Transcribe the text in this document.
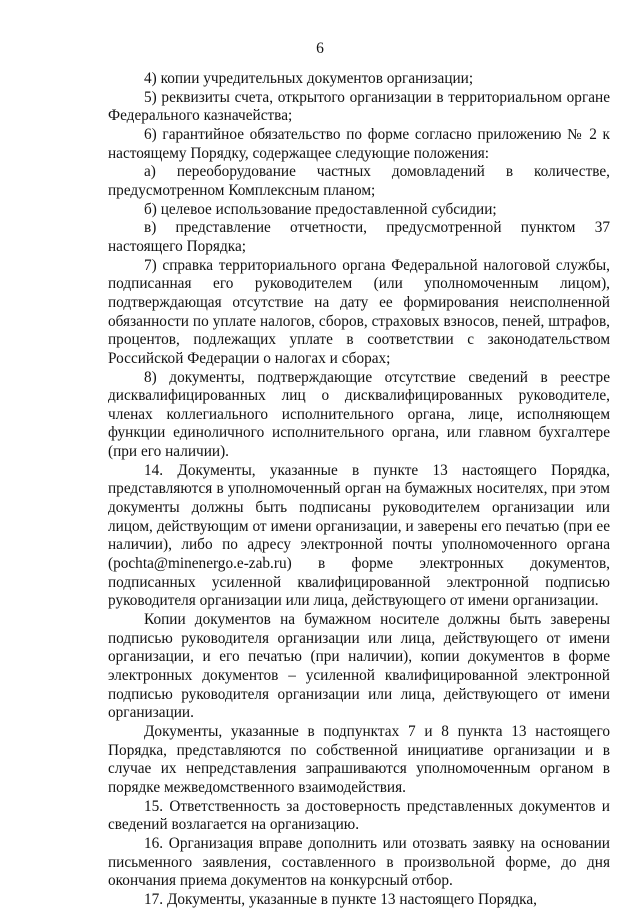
6

4) копии учредительных документов организации;

5) реквизиты счета, открытого организации в территориальном органе Федерального казначейства;

6) гарантийное обязательство по форме согласно приложению № 2 к настоящему Порядку, содержащее следующие положения:

а) переоборудование частных домовладений в количестве, предусмотренном Комплексным планом;

б) целевое использование предоставленной субсидии;

в) представление отчетности, предусмотренной пунктом 37 настоящего Порядка;

7) справка территориального органа Федеральной налоговой службы, подписанная его руководителем (или уполномоченным лицом), подтверждающая отсутствие на дату ее формирования неисполненной обязанности по уплате налогов, сборов, страховых взносов, пеней, штрафов, процентов, подлежащих уплате в соответствии с законодательством Российской Федерации о налогах и сборах;

8) документы, подтверждающие отсутствие сведений в реестре дисквалифицированных лиц о дисквалифицированных руководителе, членах коллегиального исполнительного органа, лице, исполняющем функции единоличного исполнительного органа, или главном бухгалтере (при его наличии).

14. Документы, указанные в пункте 13 настоящего Порядка, представляются в уполномоченный орган на бумажных носителях, при этом документы должны быть подписаны руководителем организации или лицом, действующим от имени организации, и заверены его печатью (при ее наличии), либо по адресу электронной почты уполномоченного органа (pochta@minenergo.e-zab.ru) в форме электронных документов, подписанных усиленной квалифицированной электронной подписью руководителя организации или лица, действующего от имени организации.

Копии документов на бумажном носителе должны быть заверены подписью руководителя организации или лица, действующего от имени организации, и его печатью (при наличии), копии документов в форме электронных документов – усиленной квалифицированной электронной подписью руководителя организации или лица, действующего от имени организации.

Документы, указанные в подпунктах 7 и 8 пункта 13 настоящего Порядка, представляются по собственной инициативе организации и в случае их непредставления запрашиваются уполномоченным органом в порядке межведомственного взаимодействия.

15. Ответственность за достоверность представленных документов и сведений возлагается на организацию.

16. Организация вправе дополнить или отозвать заявку на основании письменного заявления, составленного в произвольной форме, до дня окончания приема документов на конкурсный отбор.

17. Документы, указанные в пункте 13 настоящего Порядка,
